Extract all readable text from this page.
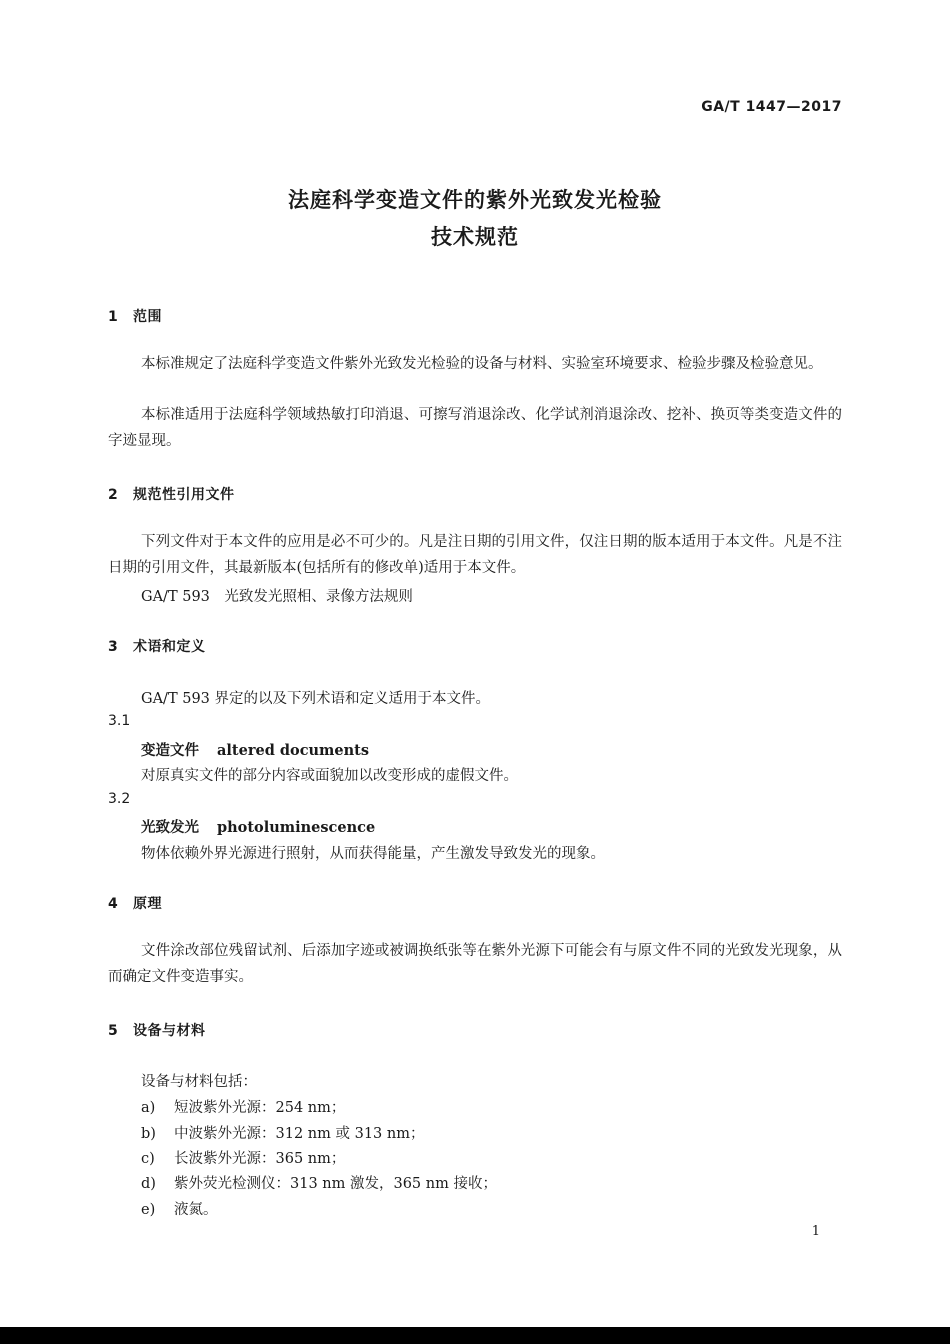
GA/T 1447—2017
法庭科学变造文件的紫外光致发光检验
技术规范
1 范围
本标准规定了法庭科学变造文件紫外光致发光检验的设备与材料、实验室环境要求、检验步骤及检验意见。
本标准适用于法庭科学领域热敏打印消退、可擦写消退涂改、化学试剂消退涂改、挖补、换页等类变造文件的字迹显现。
2 规范性引用文件
下列文件对于本文件的应用是必不可少的。凡是注日期的引用文件，仅注日期的版本适用于本文件。凡是不注日期的引用文件，其最新版本(包括所有的修改单)适用于本文件。
GA/T 593　光致发光照相、录像方法规则
3 术语和定义
GA/T 593 界定的以及下列术语和定义适用于本文件。
3.1
变造文件 altered documents
对原真实文件的部分内容或面貌加以改变形成的虚假文件。
3.2
光致发光 photoluminescence
物体依赖外界光源进行照射，从而获得能量，产生激发导致发光的现象。
4 原理
文件涂改部位残留试剂、后添加字迹或被调换纸张等在紫外光源下可能会有与原文件不同的光致发光现象，从而确定文件变造事实。
5 设备与材料
设备与材料包括：
a) 短波紫外光源：254 nm；
b) 中波紫外光源：312 nm 或 313 nm；
c) 长波紫外光源：365 nm；
d) 紫外荧光检测仪：313 nm 激发，365 nm 接收；
e) 液氮。
1
